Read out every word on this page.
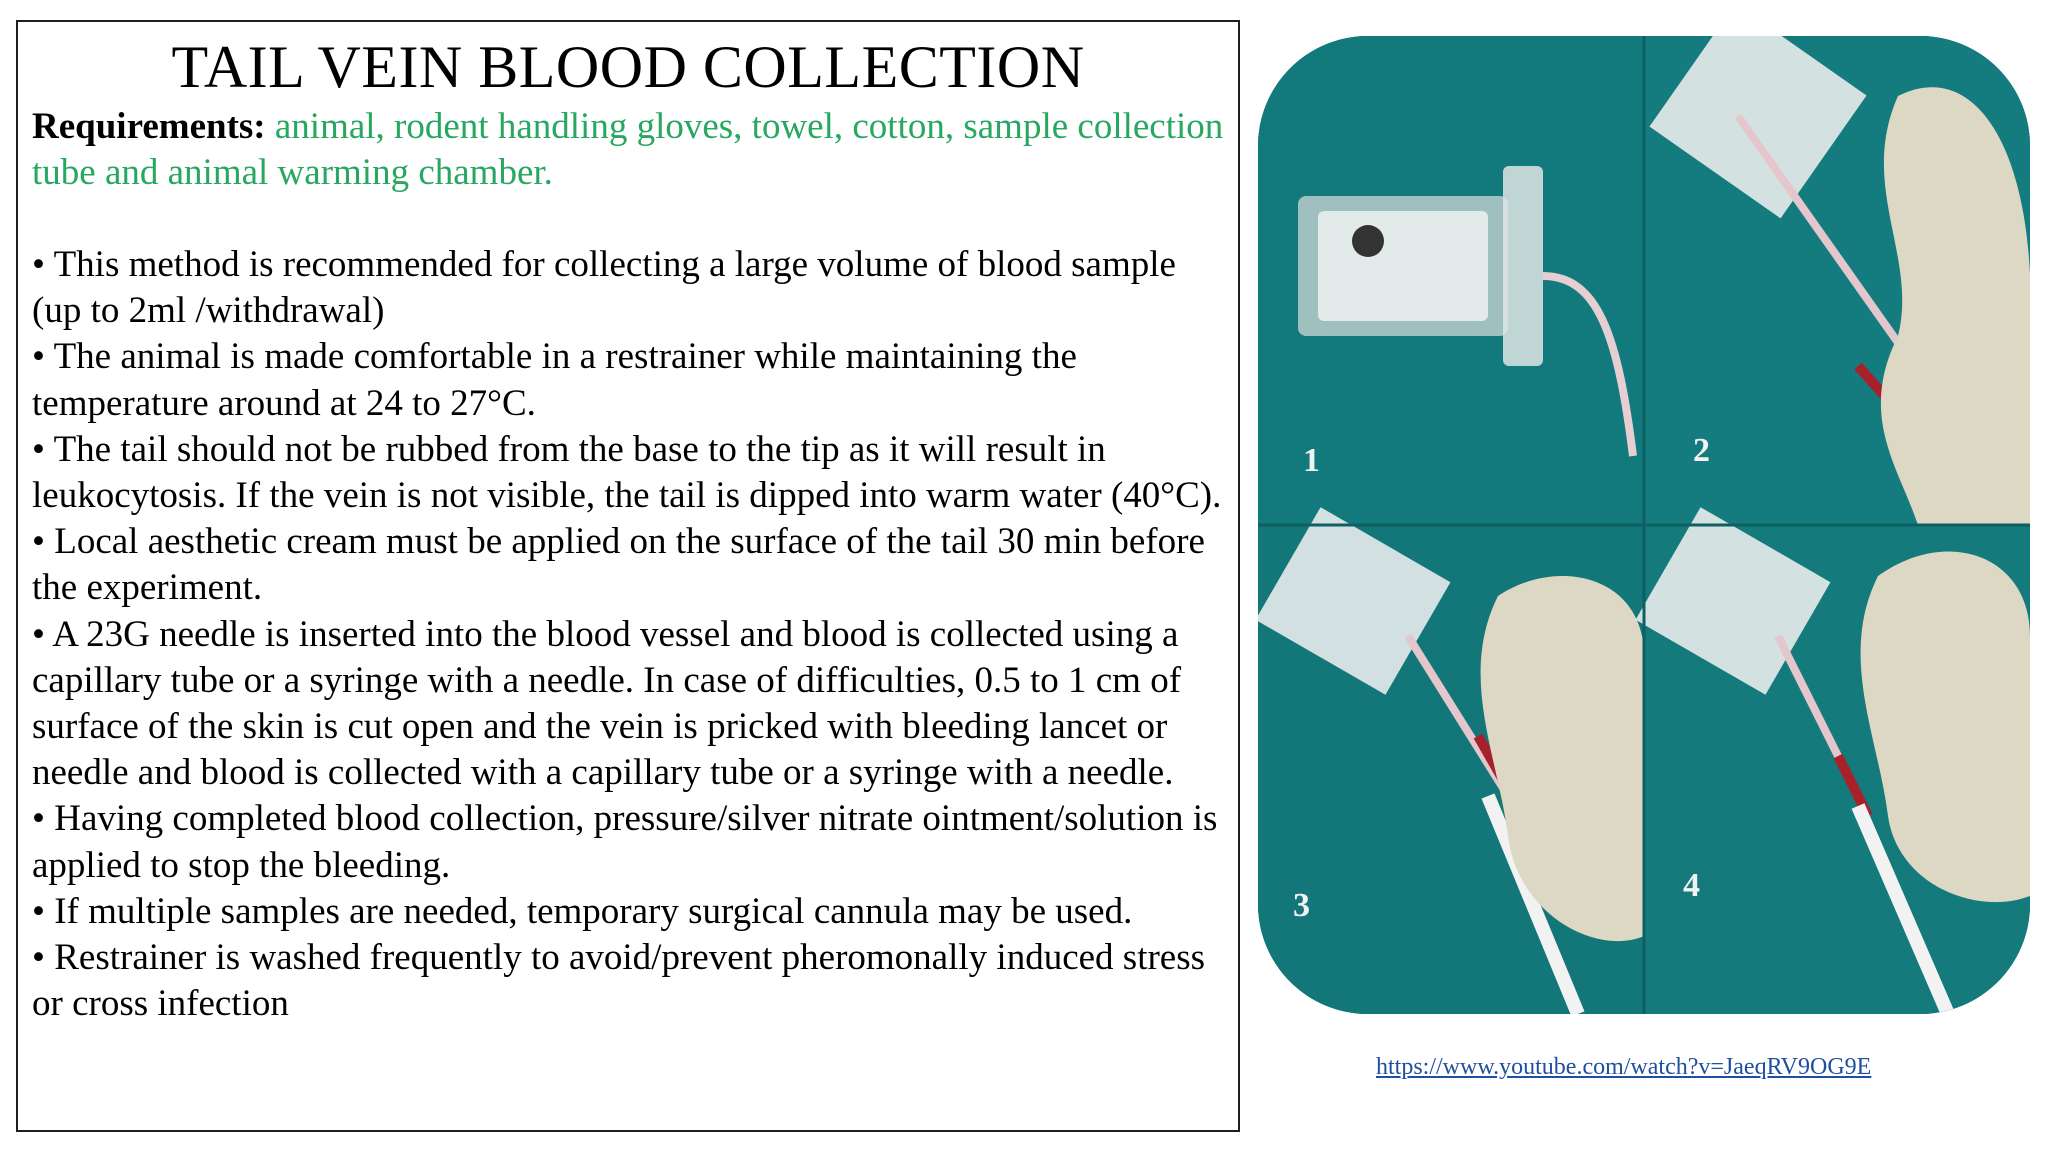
TAIL VEIN BLOOD COLLECTION

Requirements: animal, rodent handling gloves, towel, cotton, sample collection tube and animal warming chamber.

• This method is recommended for collecting a large volume of blood sample (up to 2ml /withdrawal)
• The animal is made comfortable in a restrainer while maintaining the temperature around at 24 to 27°C.
• The tail should not be rubbed from the base to the tip as it will result in leukocytosis. If the vein is not visible, the tail is dipped into warm water (40°C).
• Local aesthetic cream must be applied on the surface of the tail 30 min before the experiment.
• A 23G needle is inserted into the blood vessel and blood is collected using a capillary tube or a syringe with a needle. In case of difficulties, 0.5 to 1 cm of surface of the skin is cut open and the vein is pricked with bleeding lancet or needle and blood is collected with a capillary tube or a syringe with a needle.
• Having completed blood collection, pressure/silver nitrate ointment/solution is applied to stop the bleeding.
• If multiple samples are needed, temporary surgical cannula may be used.
• Restrainer is washed frequently to avoid/prevent pheromonally induced stress or cross infection
1	2
3
4
https://www.youtube.com/watch?v=JaeqRV9OG9E
